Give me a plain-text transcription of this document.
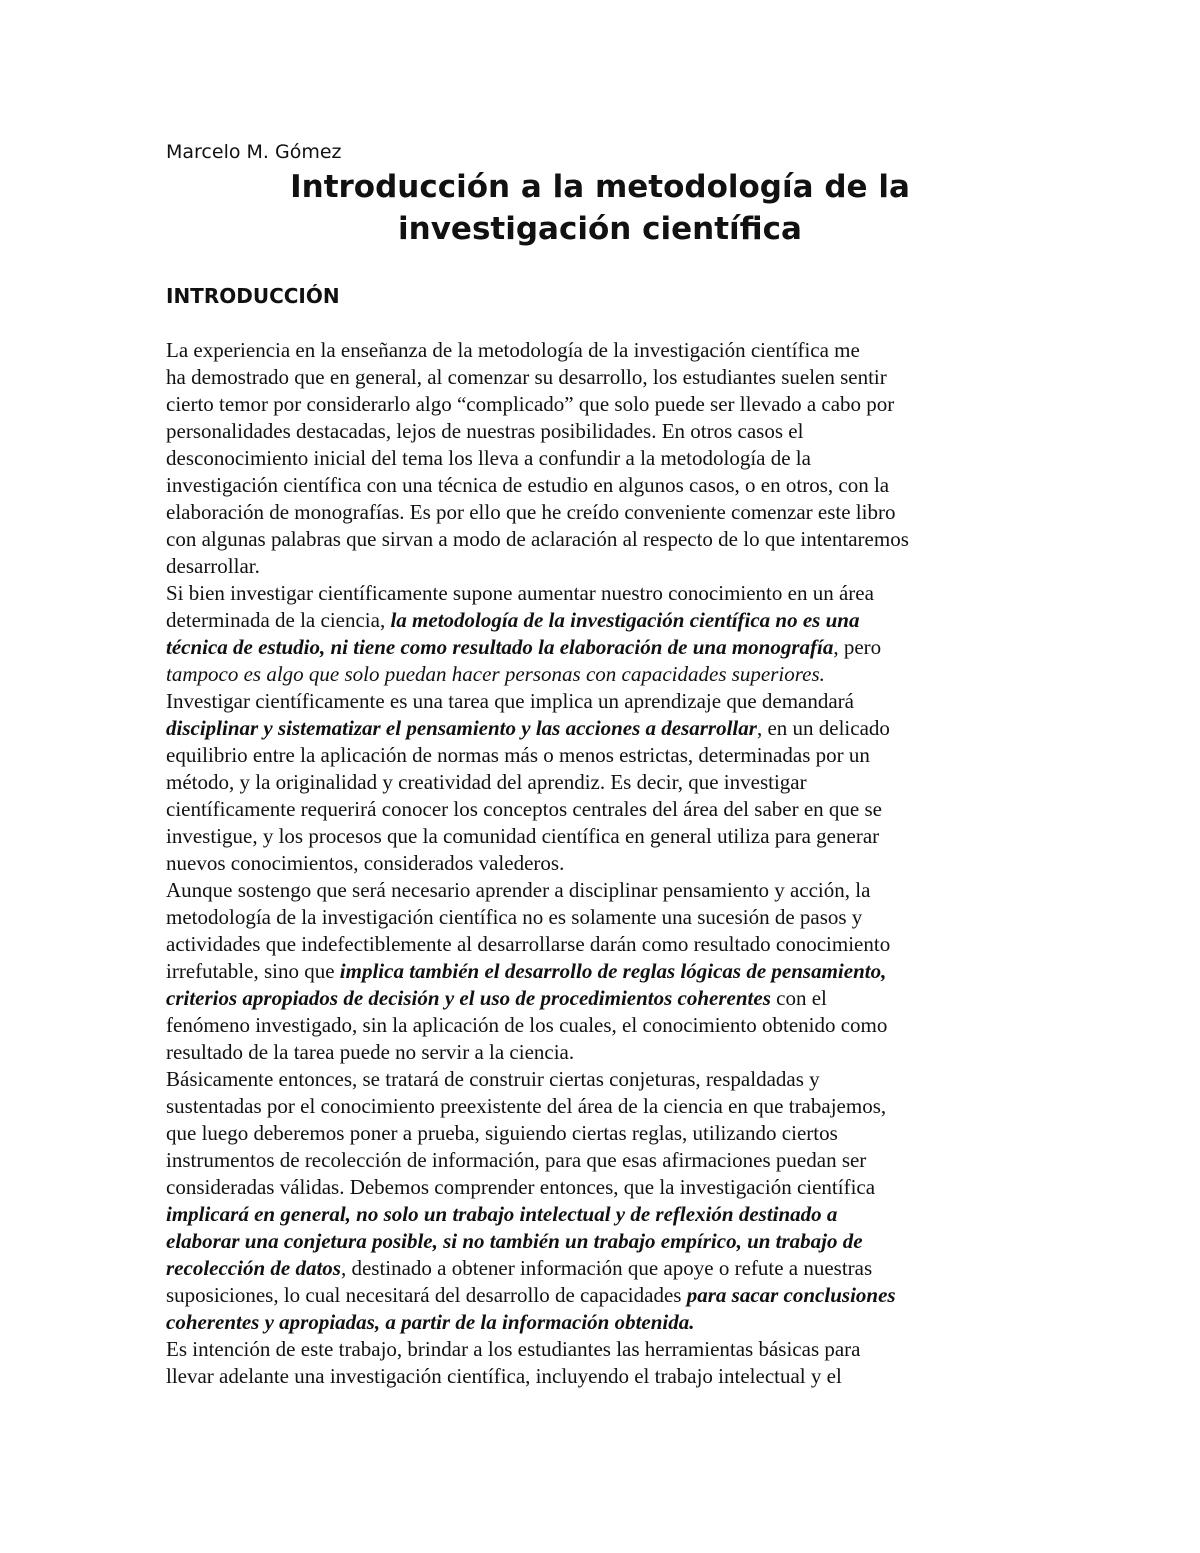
Marcelo M. Gómez
Introducción a la metodología de la
investigación científica
INTRODUCCIÓN
La experiencia en la enseñanza de la metodología de la investigación científica me
ha demostrado que en general, al comenzar su desarrollo, los estudiantes suelen sentir
cierto temor por considerarlo algo “complicado” que solo puede ser llevado a cabo por
personalidades destacadas, lejos de nuestras posibilidades. En otros casos el
desconocimiento inicial del tema los lleva a confundir a la metodología de la
investigación científica con una técnica de estudio en algunos casos, o en otros, con la
elaboración de monografías. Es por ello que he creído conveniente comenzar este libro
con algunas palabras que sirvan a modo de aclaración al respecto de lo que intentaremos
desarrollar.
Si bien investigar científicamente supone aumentar nuestro conocimiento en un área
determinada de la ciencia, la metodología de la investigación científica no es una
técnica de estudio, ni tiene como resultado la elaboración de una monografía, pero
tampoco es algo que solo puedan hacer personas con capacidades superiores.
Investigar científicamente es una tarea que implica un aprendizaje que demandará
disciplinar y sistematizar el pensamiento y las acciones a desarrollar, en un delicado
equilibrio entre la aplicación de normas más o menos estrictas, determinadas por un
método, y la originalidad y creatividad del aprendiz. Es decir, que investigar
científicamente requerirá conocer los conceptos centrales del área del saber en que se
investigue, y los procesos que la comunidad científica en general utiliza para generar
nuevos conocimientos, considerados valederos.
Aunque sostengo que será necesario aprender a disciplinar pensamiento y acción, la
metodología de la investigación científica no es solamente una sucesión de pasos y
actividades que indefectiblemente al desarrollarse darán como resultado conocimiento
irrefutable, sino que implica también el desarrollo de reglas lógicas de pensamiento,
criterios apropiados de decisión y el uso de procedimientos coherentes con el
fenómeno investigado, sin la aplicación de los cuales, el conocimiento obtenido como
resultado de la tarea puede no servir a la ciencia.
Básicamente entonces, se tratará de construir ciertas conjeturas, respaldadas y
sustentadas por el conocimiento preexistente del área de la ciencia en que trabajemos,
que luego deberemos poner a prueba, siguiendo ciertas reglas, utilizando ciertos
instrumentos de recolección de información, para que esas afirmaciones puedan ser
consideradas válidas. Debemos comprender entonces, que la investigación científica
implicará en general, no solo un trabajo intelectual y de reflexión destinado a
elaborar una conjetura posible, si no también un trabajo empírico, un trabajo de
recolección de datos, destinado a obtener información que apoye o refute a nuestras
suposiciones, lo cual necesitará del desarrollo de capacidades para sacar conclusiones
coherentes y apropiadas, a partir de la información obtenida.
Es intención de este trabajo, brindar a los estudiantes las herramientas básicas para
llevar adelante una investigación científica, incluyendo el trabajo intelectual y el
